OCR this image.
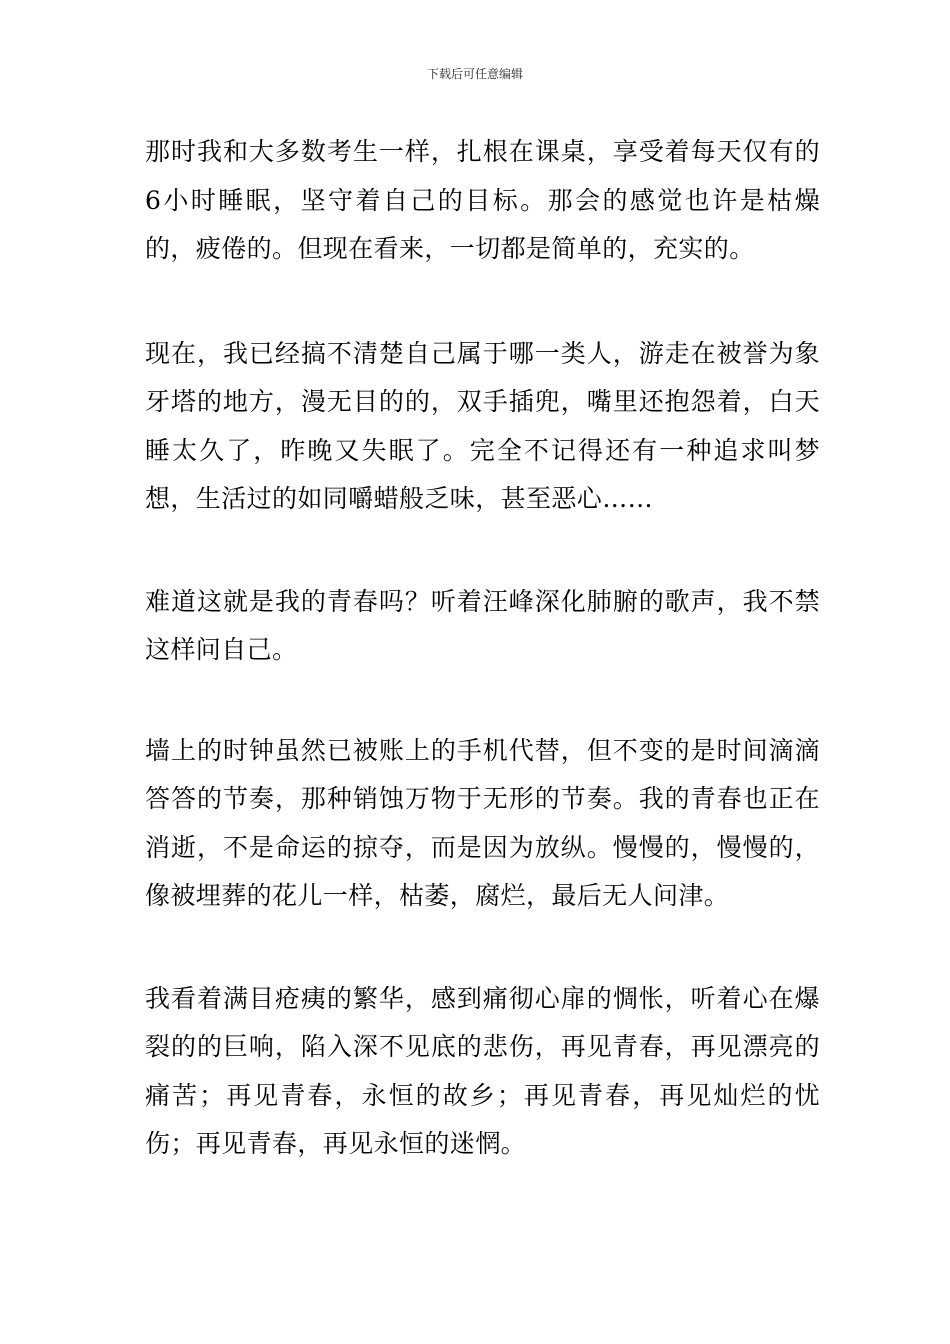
下载后可任意编辑

那时我和大多数考生一样，扎根在课桌，享受着每天仅有的6小时睡眠，坚守着自己的目标。那会的感觉也许是枯燥的，疲倦的。但现在看来，一切都是简单的，充实的。

现在，我已经搞不清楚自己属于哪一类人，游走在被誉为象牙塔的地方，漫无目的的，双手插兜，嘴里还抱怨着，白天睡太久了，昨晚又失眠了。完全不记得还有一种追求叫梦想，生活过的如同嚼蜡般乏味，甚至恶心……

难道这就是我的青春吗？听着汪峰深化肺腑的歌声，我不禁这样问自己。

墙上的时钟虽然已被账上的手机代替，但不变的是时间滴滴答答的节奏，那种销蚀万物于无形的节奏。我的青春也正在消逝，不是命运的掠夺，而是因为放纵。慢慢的，慢慢的，像被埋葬的花儿一样，枯萎，腐烂，最后无人问津。

我看着满目疮痍的繁华，感到痛彻心扉的惆怅，听着心在爆裂的的巨响，陷入深不见底的悲伤，再见青春，再见漂亮的痛苦；再见青春，永恒的故乡；再见青春，再见灿烂的忧伤；再见青春，再见永恒的迷惘。
